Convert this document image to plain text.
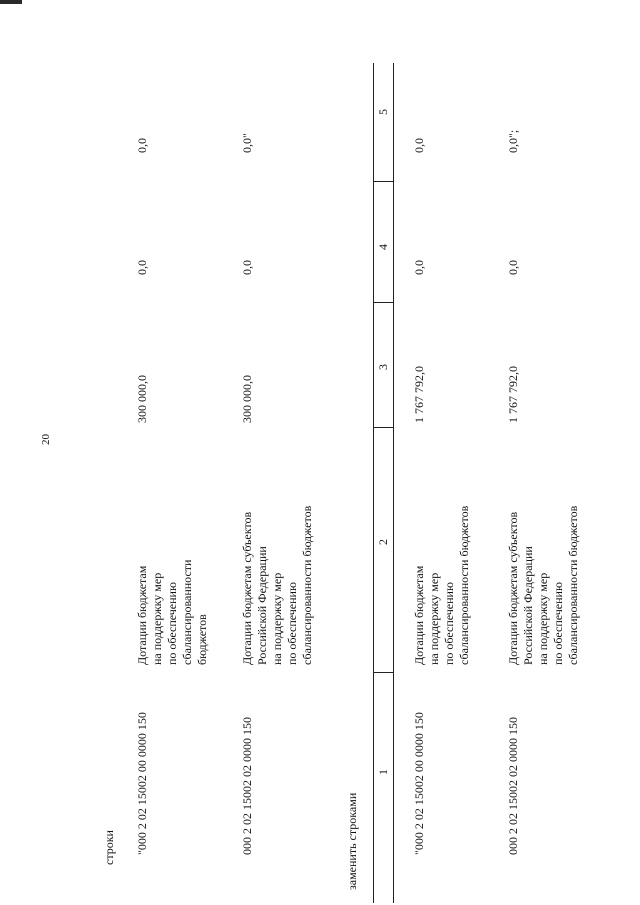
20
строки "000 2 02 15002 00 0000 150
Дотации бюджетам на поддержку мер по обеспечению сбалансированности бюджетов
300 000,0
0,0
0,0
000 2 02 15002 02 0000 150
Дотации бюджетам субъектов Российской Федерации на поддержку мер по обеспечению сбалансированности бюджетов
300 000,0
0,0
0,0"
заменить строками
1
2
3
4
5
"000 2 02 15002 00 0000 150
Дотации бюджетам на поддержку мер по обеспечению сбалансированности бюджетов
1 767 792,0
0,0
0,0
000 2 02 15002 02 0000 150
Дотации бюджетам субъектов Российской Федерации на поддержку мер по обеспечению сбалансированности бюджетов
1 767 792,0
0,0
0,0";
